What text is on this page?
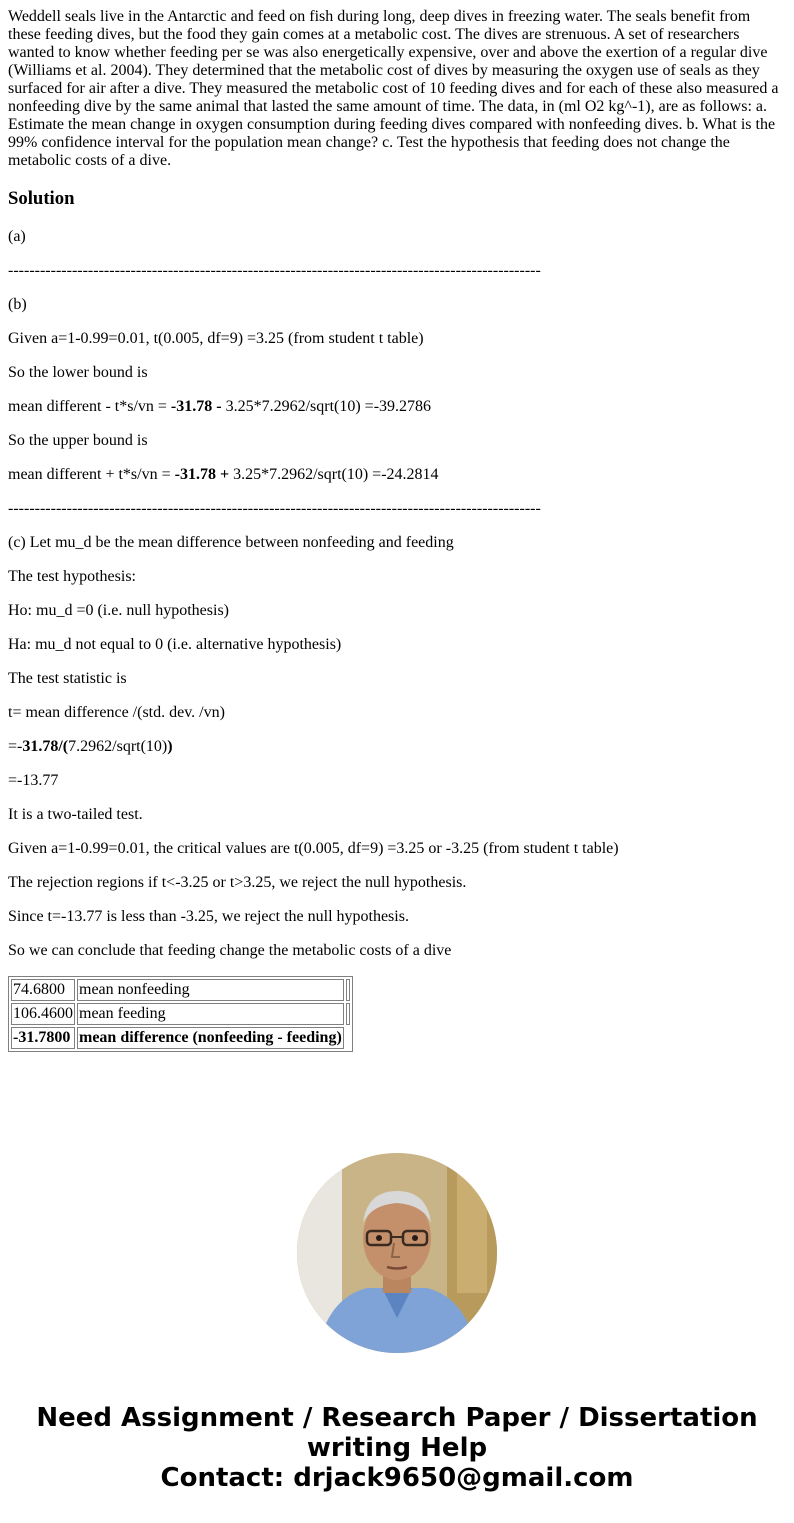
Weddell seals live in the Antarctic and feed on fish during long, deep dives in freezing water. The seals benefit from these feeding dives, but the food they gain comes at a metabolic cost. The dives are strenuous. A set of researchers wanted to know whether feeding per se was also energetically expensive, over and above the exertion of a regular dive (Williams et al. 2004). They determined that the metabolic cost of dives by measuring the oxygen use of seals as they surfaced for air after a dive. They measured the metabolic cost of 10 feeding dives and for each of these also measured a nonfeeding dive by the same animal that lasted the same amount of time. The data, in (ml O2 kg^-1), are as follows: a. Estimate the mean change in oxygen consumption during feeding dives compared with nonfeeding dives. b. What is the 99% confidence interval for the population mean change? c. Test the hypothesis that feeding does not change the metabolic costs of a dive.
Solution

(a)

----------------------------------------------------------------------------------------------------

(b)

Given a=1-0.99=0.01, t(0.005, df=9) =3.25 (from student t table)

So the lower bound is

mean different - t*s/vn = -31.78 - 3.25*7.2962/sqrt(10) =-39.2786

So the upper bound is

mean different + t*s/vn = -31.78 + 3.25*7.2962/sqrt(10) =-24.2814

----------------------------------------------------------------------------------------------------

(c) Let mu_d be the mean difference between nonfeeding and feeding

The test hypothesis:

Ho: mu_d =0 (i.e. null hypothesis)

Ha: mu_d not equal to 0 (i.e. alternative hypothesis)

The test statistic is

t= mean difference /(std. dev. /vn)

=-31.78/(7.2962/sqrt(10))

=-13.77

It is a two-tailed test.

Given a=1-0.99=0.01, the critical values are t(0.005, df=9) =3.25 or -3.25 (from student t table)

The rejection regions if t<-3.25 or t>3.25, we reject the null hypothesis.

Since t=-13.77 is less than -3.25, we reject the null hypothesis.

So we can conclude that feeding change the metabolic costs of a dive

74.6800	mean nonfeeding	
106.4600	mean feeding	
-31.7800	mean difference (nonfeeding - feeding)	
Need Assignment / Research Paper / Dissertation
writing Help
Contact: drjack9650@gmail.com
